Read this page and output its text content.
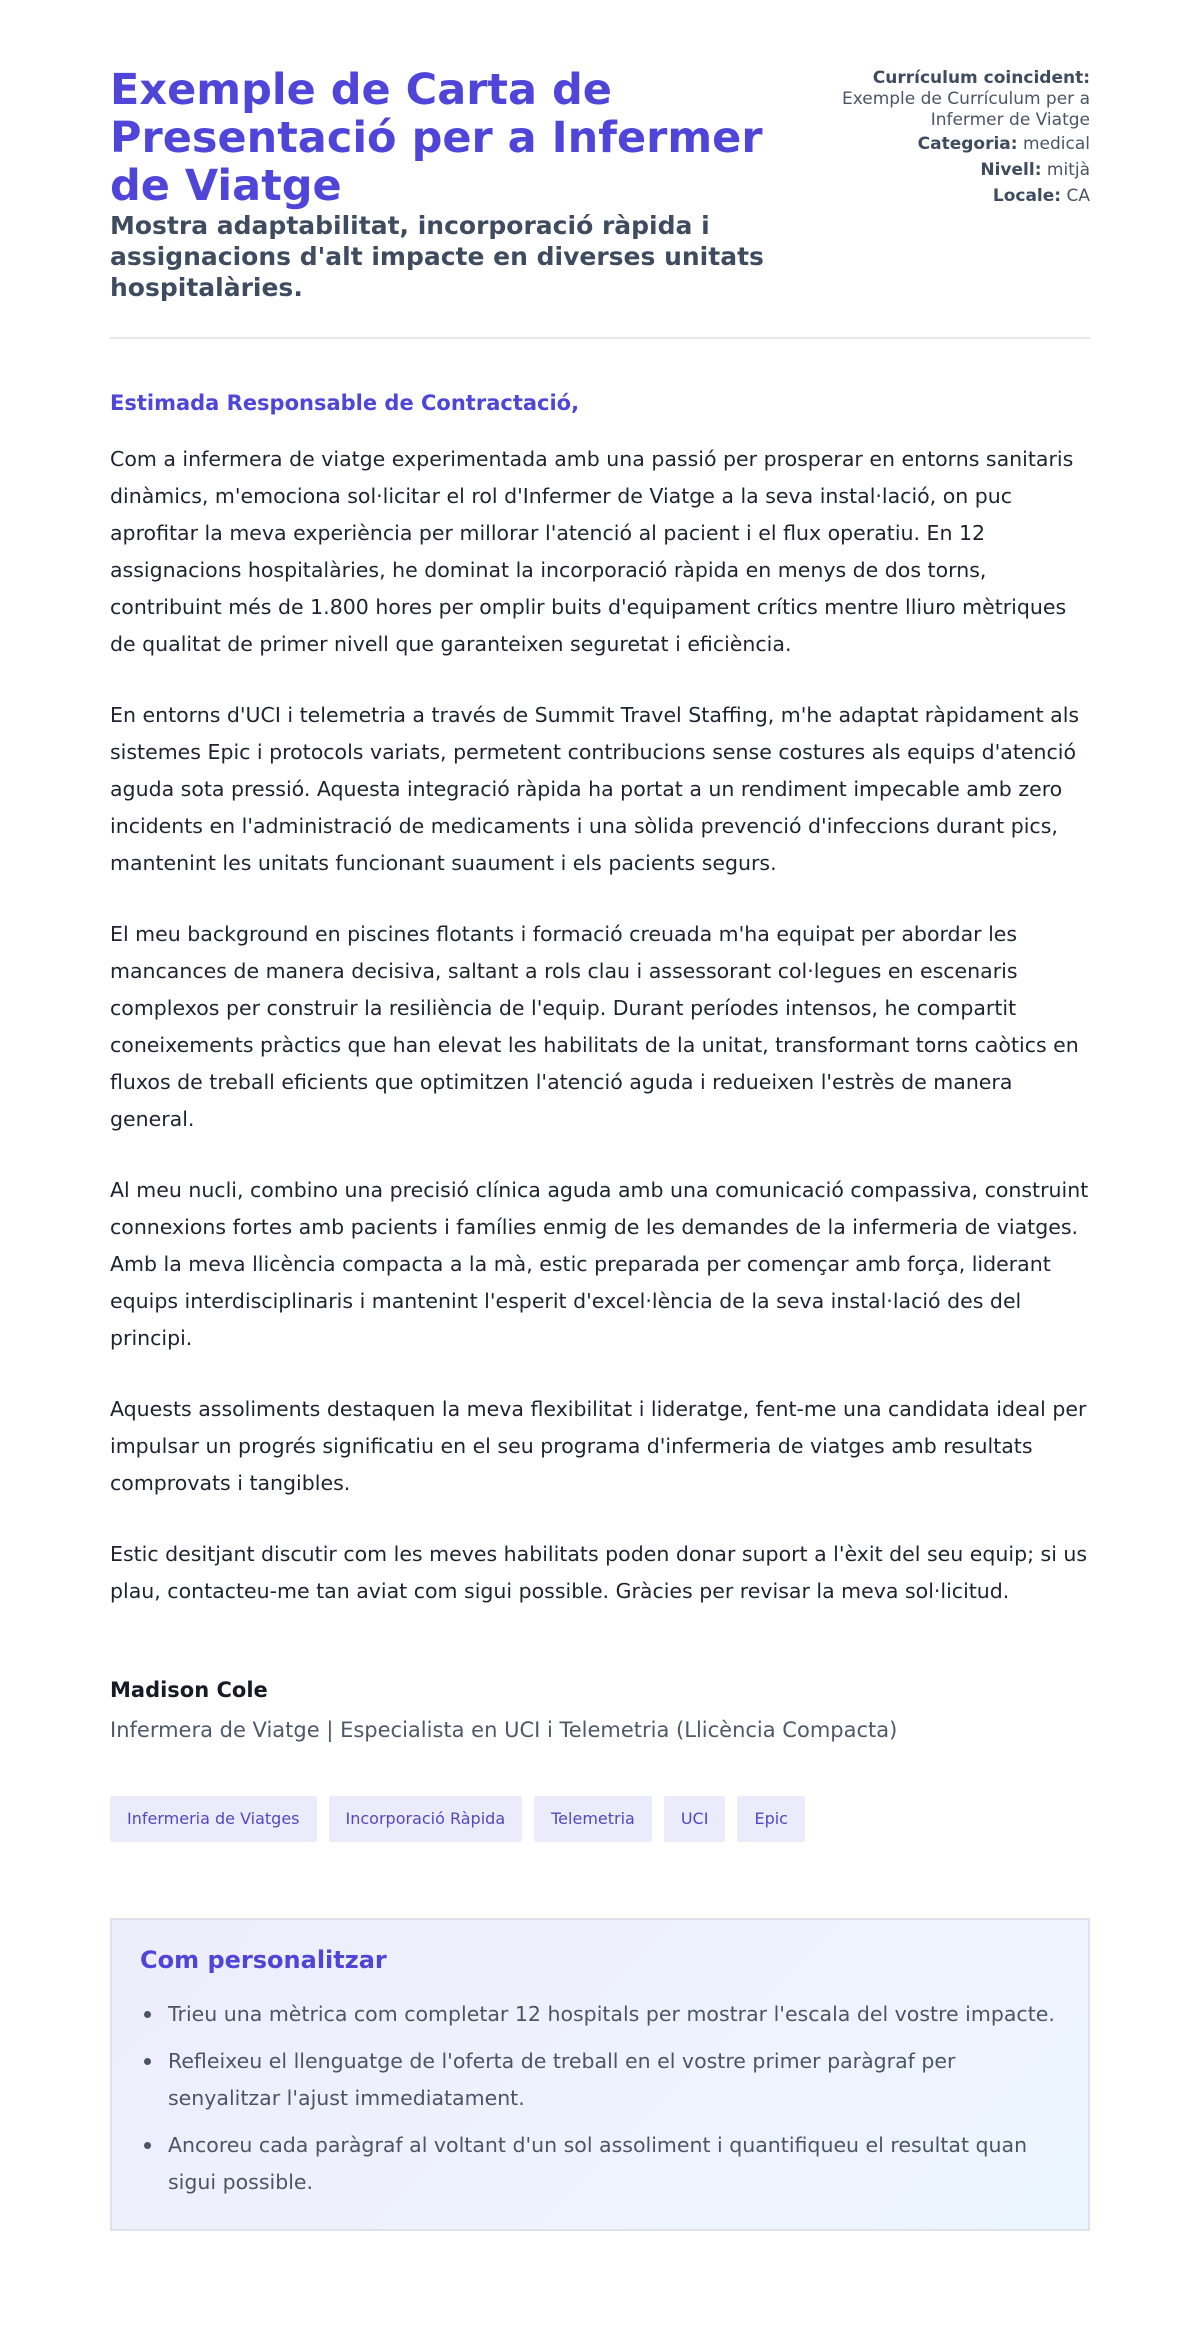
Exemple de Carta de Presentació per a Infermer de Viatge
Mostra adaptabilitat, incorporació ràpida i assignacions d'alt impacte en diverses unitats hospitalàries.
Currículum coincident:
Exemple de Currículum per a Infermer de Viatge
Categoria: medical
Nivell: mitjà
Locale: CA

Estimada Responsable de Contractació,

Com a infermera de viatge experimentada amb una passió per prosperar en entorns sanitaris dinàmics, m'emociona sol·licitar el rol d'Infermer de Viatge a la seva instal·lació, on puc aprofitar la meva experiència per millorar l'atenció al pacient i el flux operatiu. En 12 assignacions hospitalàries, he dominat la incorporació ràpida en menys de dos torns, contribuint més de 1.800 hores per omplir buits d'equipament crítics mentre lliuro mètriques de qualitat de primer nivell que garanteixen seguretat i eficiència.

En entorns d'UCI i telemetria a través de Summit Travel Staffing, m'he adaptat ràpidament als sistemes Epic i protocols variats, permetent contribucions sense costures als equips d'atenció aguda sota pressió. Aquesta integració ràpida ha portat a un rendiment impecable amb zero incidents en l'administració de medicaments i una sòlida prevenció d'infeccions durant pics, mantenint les unitats funcionant suaument i els pacients segurs.

El meu background en piscines flotants i formació creuada m'ha equipat per abordar les mancances de manera decisiva, saltant a rols clau i assessorant col·legues en escenaris complexos per construir la resiliència de l'equip. Durant períodes intensos, he compartit coneixements pràctics que han elevat les habilitats de la unitat, transformant torns caòtics en fluxos de treball eficients que optimitzen l'atenció aguda i redueixen l'estrès de manera general.

Al meu nucli, combino una precisió clínica aguda amb una comunicació compassiva, construint connexions fortes amb pacients i famílies enmig de les demandes de la infermeria de viatges. Amb la meva llicència compacta a la mà, estic preparada per començar amb força, liderant equips interdisciplinaris i mantenint l'esperit d'excel·lència de la seva instal·lació des del principi.

Aquests assoliments destaquen la meva flexibilitat i lideratge, fent-me una candidata ideal per impulsar un progrés significatiu en el seu programa d'infermeria de viatges amb resultats comprovats i tangibles.

Estic desitjant discutir com les meves habilitats poden donar suport a l'èxit del seu equip; si us plau, contacteu-me tan aviat com sigui possible. Gràcies per revisar la meva sol·licitud.

Madison Cole
Infermera de Viatge | Especialista en UCI i Telemetria (Llicència Compacta)
Infermeria de Viatges	Incorporació Ràpida	Telemetria	UCI	Epic
Com personalitzar
Trieu una mètrica com completar 12 hospitals per mostrar l'escala del vostre impacte.
Refleixeu el llenguatge de l'oferta de treball en el vostre primer paràgraf per senyalitzar l'ajust immediatament.
Ancoreu cada paràgraf al voltant d'un sol assoliment i quantifiqueu el resultat quan sigui possible.
